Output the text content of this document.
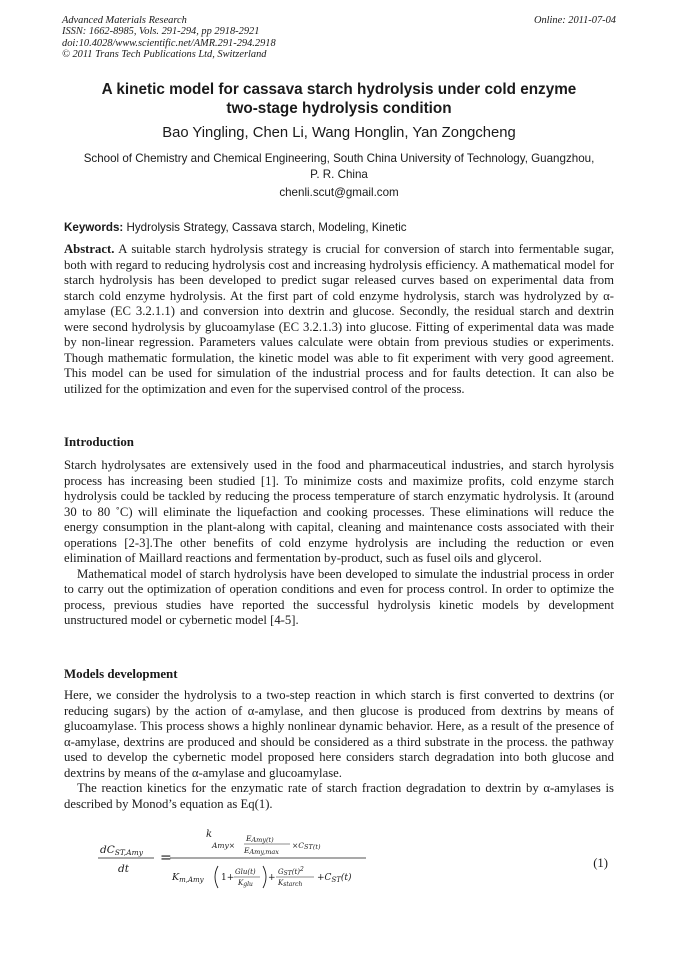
Advanced Materials Research
ISSN: 1662-8985, Vols. 291-294, pp 2918-2921
doi:10.4028/www.scientific.net/AMR.291-294.2918
© 2011 Trans Tech Publications Ltd, Switzerland
Online: 2011-07-04
A kinetic model for cassava starch hydrolysis under cold enzyme
two-stage hydrolysis condition
Bao Yingling, Chen Li, Wang Honglin, Yan Zongcheng
School of Chemistry and Chemical Engineering, South China University of Technology, Guangzhou,
P. R. China
chenli.scut@gmail.com
Keywords: Hydrolysis Strategy, Cassava starch, Modeling, Kinetic

Abstract. A suitable starch hydrolysis strategy is crucial for conversion of starch into fermentable sugar, both with regard to reducing hydrolysis cost and increasing hydrolysis efficiency. A mathematical model for starch hydrolysis has been developed to predict sugar released curves based on experimental data from starch cold enzyme hydrolysis. At the first part of cold enzyme hydrolysis, starch was hydrolyzed by α-amylase (EC 3.2.1.1) and conversion into dextrin and glucose. Secondly, the residual starch and dextrin were second hydrolysis by glucoamylase (EC 3.2.1.3) into glucose. Fitting of experimental data was made by non-linear regression. Parameters values calculate were obtain from previous studies or experiments. Though mathematic formulation, the kinetic model was able to fit experiment with very good agreement. This model can be used for simulation of the industrial process and for faults detection. It can also be utilized for the optimization and even for the supervised control of the process.

Introduction

Starch hydrolysates are extensively used in the food and pharmaceutical industries, and starch hyrolysis process has increasing been studied [1]. To minimize costs and maximize profits, cold enzyme starch hydrolysis could be tackled by reducing the process temperature of starch enzymatic hydrolysis. It (around 30 to 80 ˚C) will eliminate the liquefaction and cooking processes. These eliminations will reduce the energy consumption in the plant-along with capital, cleaning and maintenance costs associated with their operations [2-3].The other benefits of cold enzyme hydrolysis are including the reduction or even elimination of Maillard reactions and fermentation by-product, such as fusel oils and glycerol.

Mathematical model of starch hydrolysis have been developed to simulate the industrial process in order to carry out the optimization of operation conditions and even for process control. In order to optimize the process, previous studies have reported the successful hydrolysis kinetic models by development unstructured model or cybernetic model [4-5].

Models development

Here, we consider the hydrolysis to a two-step reaction in which starch is first converted to dextrins (or reducing sugars) by the action of α-amylase, and then glucose is produced from dextrins by means of glucoamylase. This process shows a highly nonlinear dynamic behavior. Here, as a result of the presence of α-amylase, dextrins are produced and should be considered as a third substrate in the process. the pathway used to develop the cybernetic model proposed here considers starch degradation into both glucose and dextrins by means of the α-amylase and glucoamylase.

The reaction kinetics for the enzymatic rate of starch fraction degradation to dextrin by α-amylases is described by Monod’s equation as Eq(1).

dCST,Amy
dt
=
k
Amy×
EAmy(t)
EAmy,max
×CST(t)
$K_{m,Amy}$ 1+
Glu(t)
Kglu
+
GST(t)2
Kstarch
$+C_{ST}(t)$
(1)
